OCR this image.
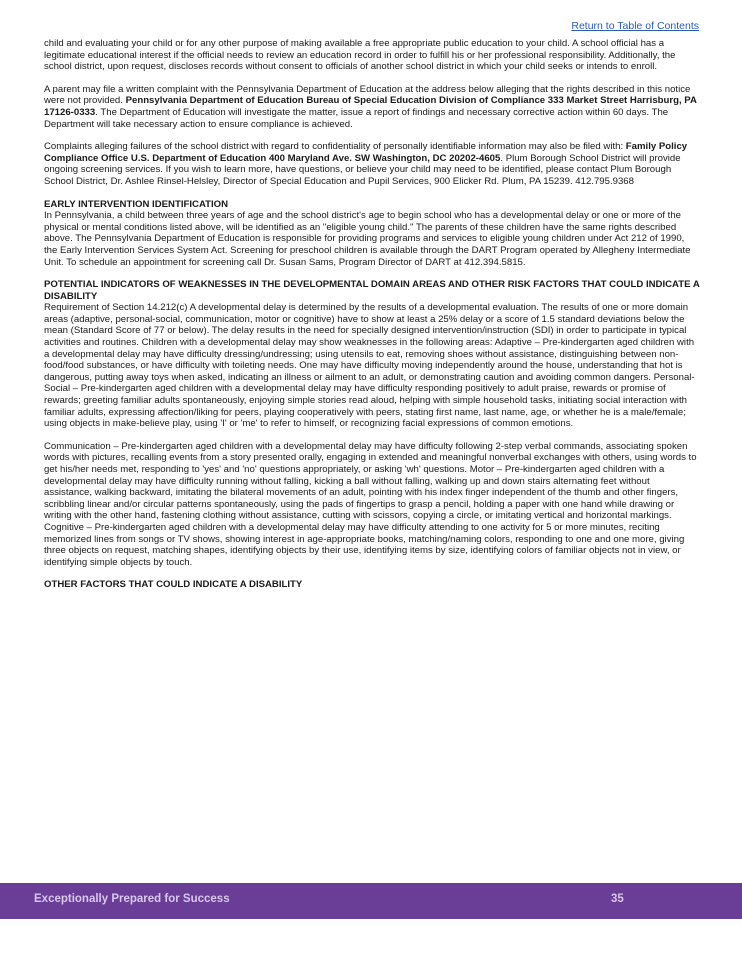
Return to Table of Contents

child and evaluating your child or for any other purpose of making available a free appropriate public education to your child. A school official has a legitimate educational interest if the official needs to review an education record in order to fulfill his or her professional responsibility. Additionally, the school district, upon request, discloses records without consent to officials of another school district in which your child seeks or intends to enroll.

A parent may file a written complaint with the Pennsylvania Department of Education at the address below alleging that the rights described in this notice were not provided. Pennsylvania Department of Education Bureau of Special Education Division of Compliance 333 Market Street Harrisburg, PA 17126-0333. The Department of Education will investigate the matter, issue a report of findings and necessary corrective action within 60 days. The Department will take necessary action to ensure compliance is achieved.

Complaints alleging failures of the school district with regard to confidentiality of personally identifiable information may also be filed with: Family Policy Compliance Office U.S. Department of Education 400 Maryland Ave. SW Washington, DC 20202-4605. Plum Borough School District will provide ongoing screening services. If you wish to learn more, have questions, or believe your child may need to be identified, please contact Plum Borough School District, Dr. Ashlee Rinsel-Helsley, Director of Special Education and Pupil Services, 900 Elicker Rd. Plum, PA 15239. 412.795.9368

EARLY INTERVENTION IDENTIFICATION

In Pennsylvania, a child between three years of age and the school district's age to begin school who has a developmental delay or one or more of the physical or mental conditions listed above, will be identified as an "eligible young child." The parents of these children have the same rights described above. The Pennsylvania Department of Education is responsible for providing programs and services to eligible young children under Act 212 of 1990, the Early Intervention Services System Act. Screening for preschool children is available through the DART Program operated by Allegheny Intermediate Unit. To schedule an appointment for screening call Dr. Susan Sams, Program Director of DART at 412.394.5815.

POTENTIAL INDICATORS OF WEAKNESSES IN THE DEVELOPMENTAL DOMAIN AREAS AND OTHER RISK FACTORS THAT COULD INDICATE A DISABILITY

Requirement of Section 14.212(c) A developmental delay is determined by the results of a developmental evaluation. The results of one or more domain areas (adaptive, personal-social, communication, motor or cognitive) have to show at least a 25% delay or a score of 1.5 standard deviations below the mean (Standard Score of 77 or below). The delay results in the need for specially designed intervention/instruction (SDI) in order to participate in typical activities and routines. Children with a developmental delay may show weaknesses in the following areas: Adaptive – Pre-kindergarten aged children with a developmental delay may have difficulty dressing/undressing; using utensils to eat, removing shoes without assistance, distinguishing between non-food/food substances, or have difficulty with toileting needs. One may have difficulty moving independently around the house, understanding that hot is dangerous, putting away toys when asked, indicating an illness or ailment to an adult, or demonstrating caution and avoiding common dangers. Personal-Social – Pre-kindergarten aged children with a developmental delay may have difficulty responding positively to adult praise, rewards or promise of rewards; greeting familiar adults spontaneously, enjoying simple stories read aloud, helping with simple household tasks, initiating social interaction with familiar adults, expressing affection/liking for peers, playing cooperatively with peers, stating first name, last name, age, or whether he is a male/female; using objects in make-believe play, using 'I' or 'me' to refer to himself, or recognizing facial expressions of common emotions.

Communication – Pre-kindergarten aged children with a developmental delay may have difficulty following 2-step verbal commands, associating spoken words with pictures, recalling events from a story presented orally, engaging in extended and meaningful nonverbal exchanges with others, using words to get his/her needs met, responding to 'yes' and 'no' questions appropriately, or asking 'wh' questions. Motor – Pre-kindergarten aged children with a developmental delay may have difficulty running without falling, kicking a ball without falling, walking up and down stairs alternating feet without assistance, walking backward, imitating the bilateral movements of an adult, pointing with his index finger independent of the thumb and other fingers, scribbling linear and/or circular patterns spontaneously, using the pads of fingertips to grasp a pencil, holding a paper with one hand while drawing or writing with the other hand, fastening clothing without assistance, cutting with scissors, copying a circle, or imitating vertical and horizontal markings. Cognitive – Pre-kindergarten aged children with a developmental delay may have difficulty attending to one activity for 5 or more minutes, reciting memorized lines from songs or TV shows, showing interest in age-appropriate books, matching/naming colors, responding to one and one more, giving three objects on request, matching shapes, identifying objects by their use, identifying items by size, identifying colors of familiar objects not in view, or identifying simple objects by touch.

OTHER FACTORS THAT COULD INDICATE A DISABILITY
Exceptionally Prepared for Success	35
